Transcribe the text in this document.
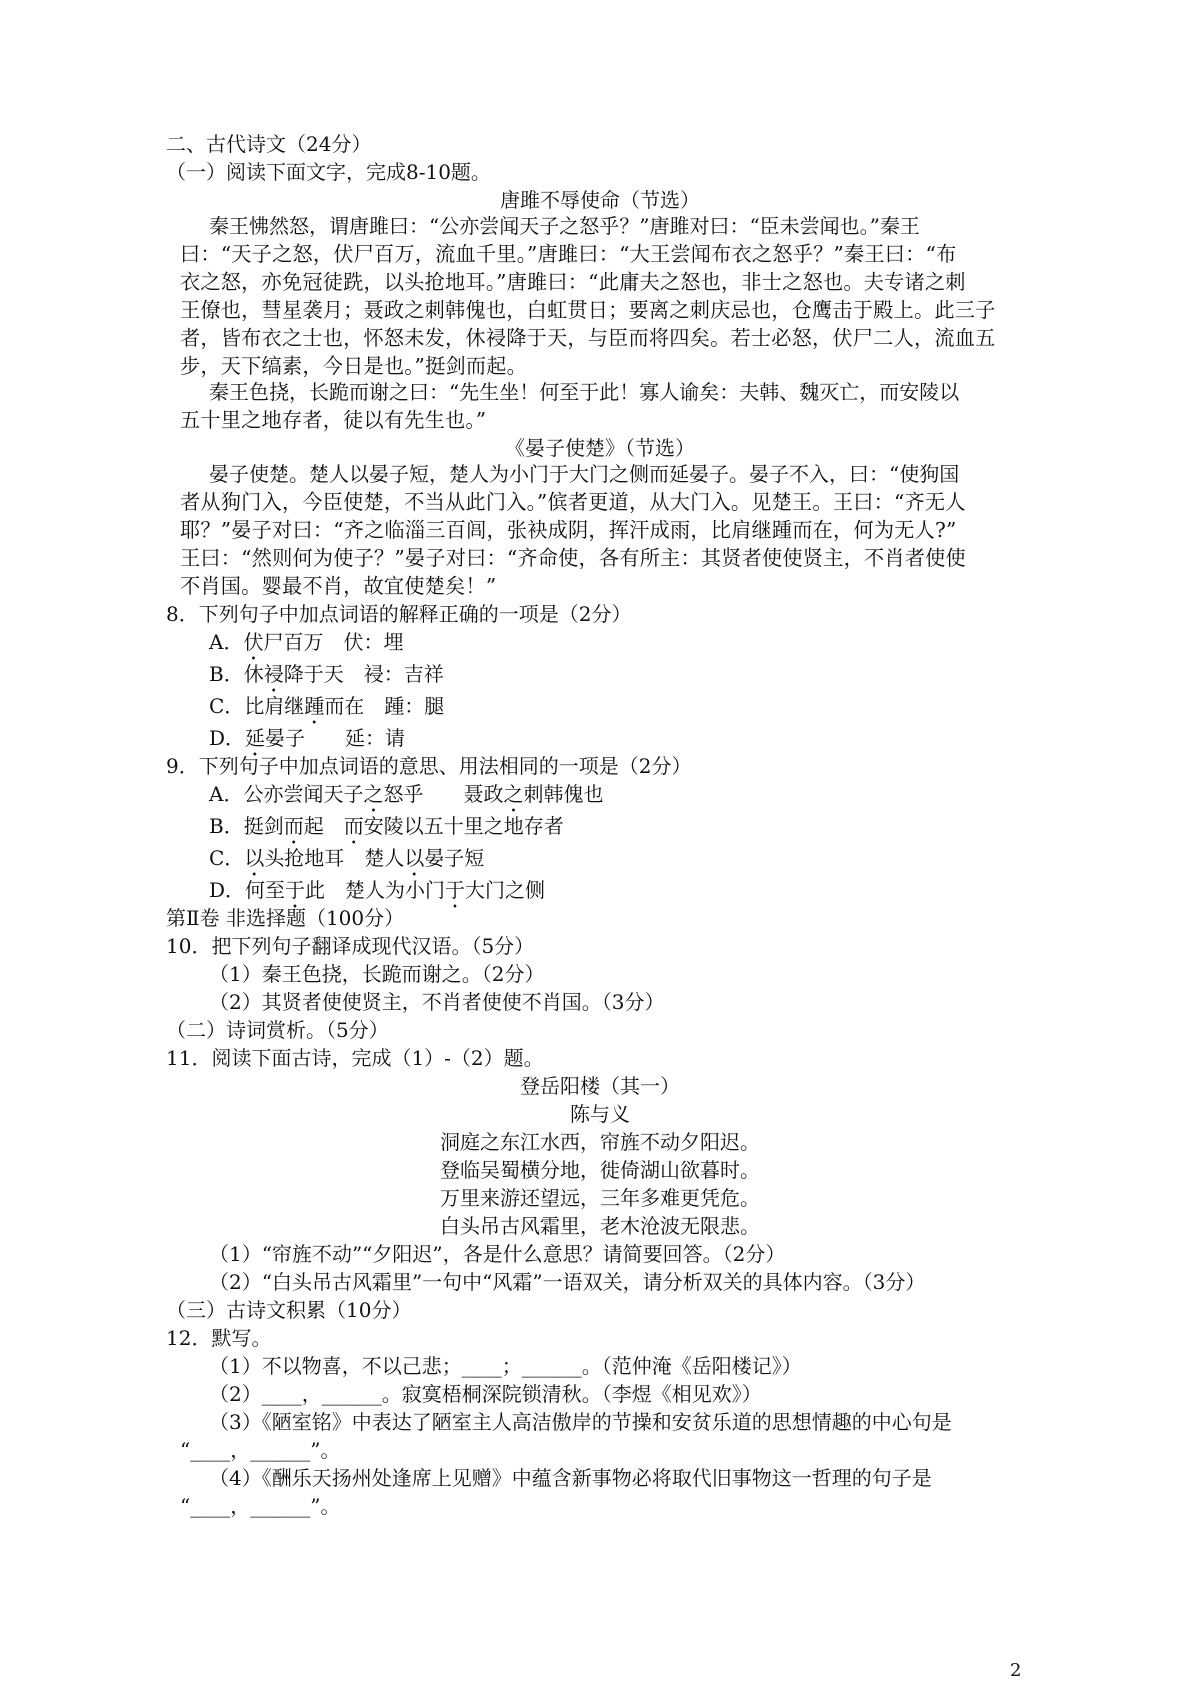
二、古代诗文（24分）
（一）阅读下面文字，完成8-10题。
唐雎不辱使命（节选）
秦王怫然怒，谓唐雎曰：“公亦尝闻天子之怒乎？”唐雎对曰：“臣未尝闻也。”秦王
曰：“天子之怒，伏尸百万，流血千里。”唐雎曰：“大王尝闻布衣之怒乎？”秦王曰：“布
衣之怒，亦免冠徒跣，以头抢地耳。”唐雎曰：“此庸夫之怒也，非士之怒也。夫专诸之刺
王僚也，彗星袭月；聂政之刺韩傀也，白虹贯日；要离之刺庆忌也，仓鹰击于殿上。此三子
者，皆布衣之士也，怀怒未发，休祲降于天，与臣而将四矣。若士必怒，伏尸二人，流血五
步，天下缟素，今日是也。”挺剑而起。
秦王色挠，长跪而谢之曰：“先生坐！何至于此！寡人谕矣：夫韩、魏灭亡，而安陵以
五十里之地存者，徒以有先生也。”
《晏子使楚》（节选）
晏子使楚。楚人以晏子短，楚人为小门于大门之侧而延晏子。晏子不入，曰：“使狗国
者从狗门入，今臣使楚，不当从此门入。”傧者更道，从大门入。见楚王。王曰：“齐无人
耶？”晏子对曰：“齐之临淄三百闾，张袂成阴，挥汗成雨，比肩继踵而在，何为无人?”
王曰：“然则何为使子？”晏子对曰：“齐命使，各有所主：其贤者使使贤主，不肖者使使
不肖国。婴最不肖，故宜使楚矣！”
8．下列句子中加点词语的解释正确的一项是（2分）
A．伏尸百万　 伏：埋
B．休祲降于天　 祲：吉祥
C．比肩继踵而在　 踵：腿
D．延晏子　　 延：请
9．下列句子中加点词语的意思、用法相同的一项是（2分）
A．公亦尝闻天子之怒乎　　 聂政之刺韩傀也
B．挺剑而起　 而安陵以五十里之地存者
C．以头抢地耳　 楚人以晏子短
D．何至于此　 楚人为小门于大门之侧
第Ⅱ卷 非选择题（100分）
10．把下列句子翻译成现代汉语。（5分）
（1）秦王色挠，长跪而谢之。（2分）
（2）其贤者使使贤主，不肖者使使不肖国。（3分）
（二）诗词赏析。（5分）
11．阅读下面古诗，完成（1）-（2）题。
登岳阳楼（其一）
陈与义
洞庭之东江水西，帘旌不动夕阳迟。
登临吴蜀横分地，徙倚湖山欲暮时。
万里来游还望远，三年多难更凭危。
白头吊古风霜里，老木沧波无限悲。
（1）“帘旌不动”“夕阳迟”，各是什么意思？请简要回答。（2分）
（2）“白头吊古风霜里”一句中“风霜”一语双关，请分析双关的具体内容。（3分）
（三）古诗文积累（10分）
12．默写。
（1）不以物喜，不以己悲；____；______。（范仲淹《岳阳楼记》）
（2）____，______。寂寞梧桐深院锁清秋。（李煜《相见欢》）
（3）《陋室铭》中表达了陋室主人高洁傲岸的节操和安贫乐道的思想情趣的中心句是
“____，______”。
（4）《酬乐天扬州处逢席上见赠》中蕴含新事物必将取代旧事物这一哲理的句子是
“____，______”。
2
